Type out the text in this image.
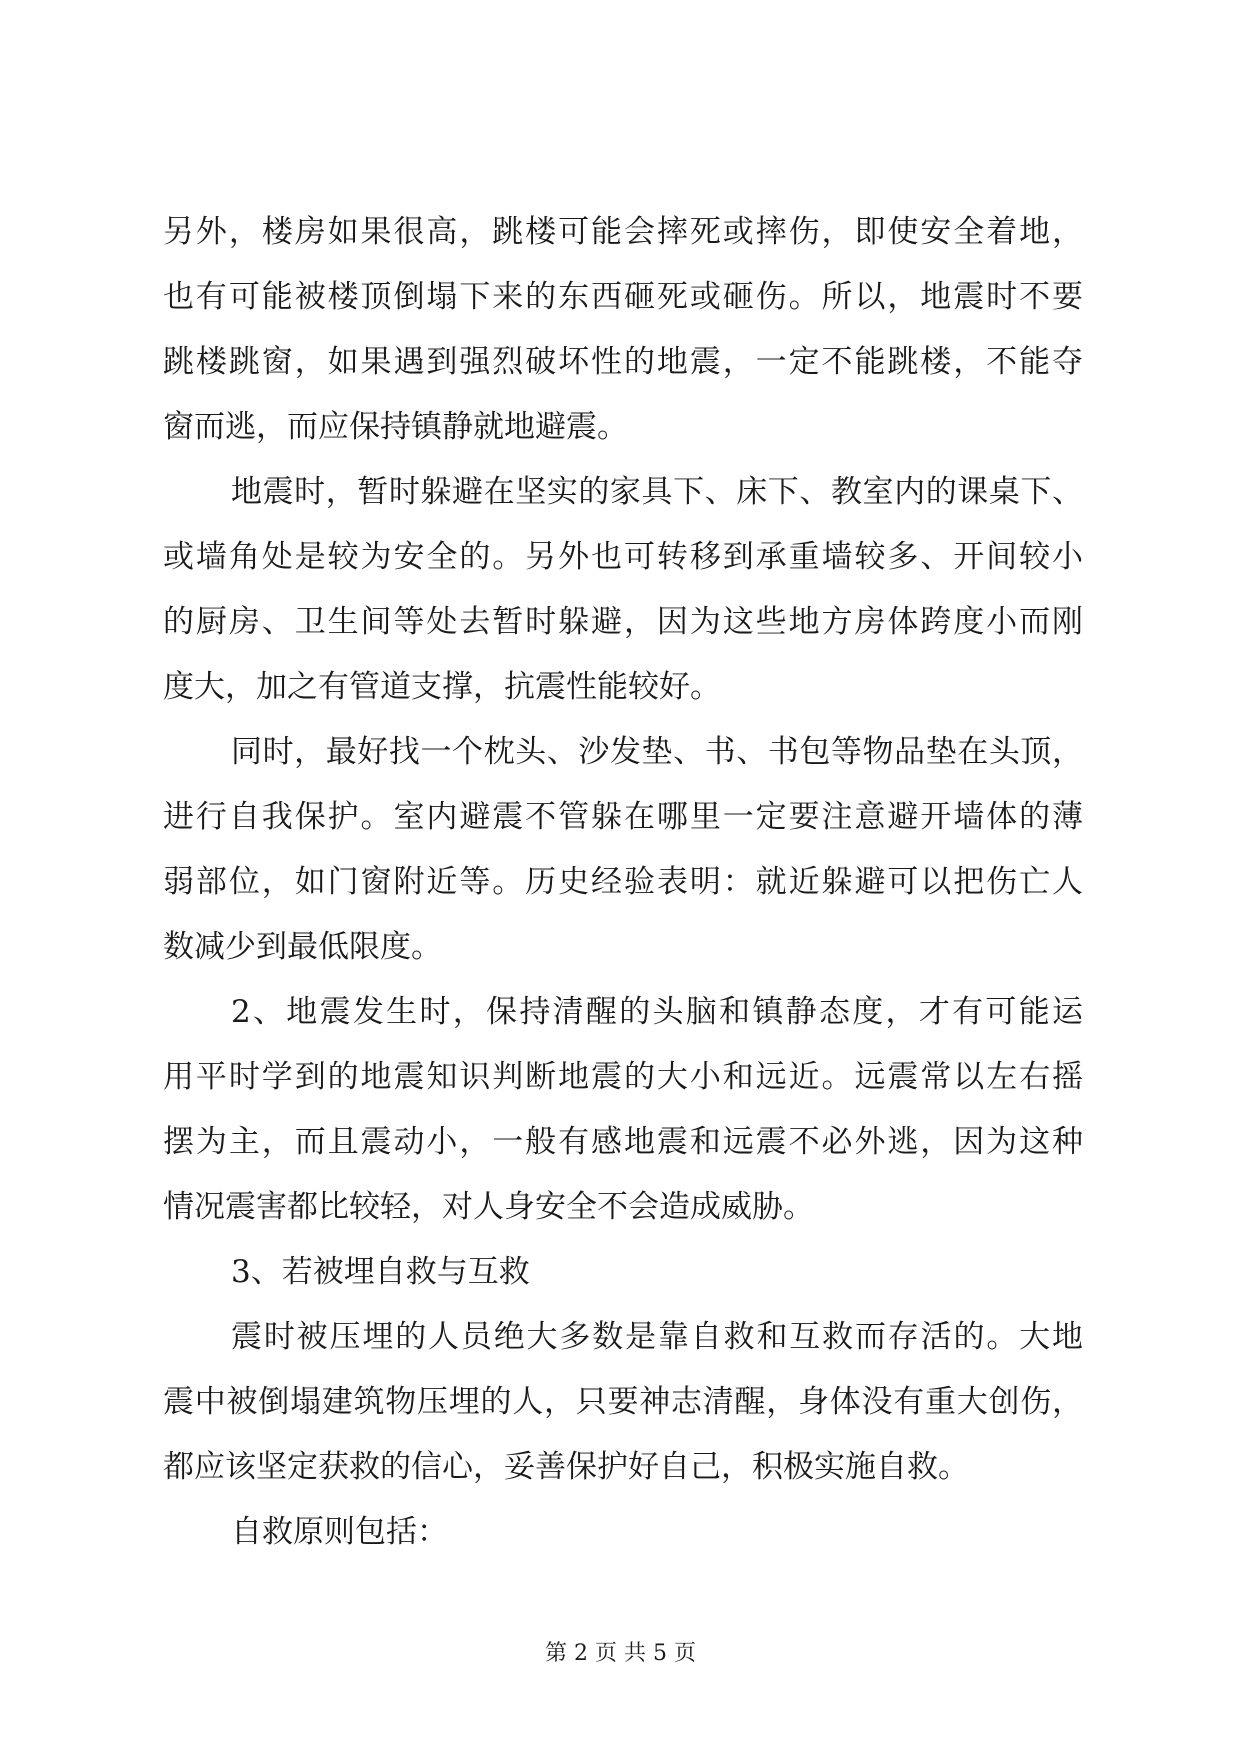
另外，楼房如果很高，跳楼可能会摔死或摔伤，即使安全着地，
也有可能被楼顶倒塌下来的东西砸死或砸伤。所以，地震时不要
跳楼跳窗，如果遇到强烈破坏性的地震，一定不能跳楼，不能夺
窗而逃，而应保持镇静就地避震。
地震时，暂时躲避在坚实的家具下、床下、教室内的课桌下、
或墙角处是较为安全的。另外也可转移到承重墙较多、开间较小
的厨房、卫生间等处去暂时躲避，因为这些地方房体跨度小而刚
度大，加之有管道支撑，抗震性能较好。
同时，最好找一个枕头、沙发垫、书、书包等物品垫在头顶，
进行自我保护。室内避震不管躲在哪里一定要注意避开墙体的薄
弱部位，如门窗附近等。历史经验表明：就近躲避可以把伤亡人
数减少到最低限度。
2、地震发生时，保持清醒的头脑和镇静态度，才有可能运
用平时学到的地震知识判断地震的大小和远近。远震常以左右摇
摆为主，而且震动小，一般有感地震和远震不必外逃，因为这种
情况震害都比较轻，对人身安全不会造成威胁。
3、若被埋自救与互救
震时被压埋的人员绝大多数是靠自救和互救而存活的。大地
震中被倒塌建筑物压埋的人，只要神志清醒，身体没有重大创伤，
都应该坚定获救的信心，妥善保护好自己，积极实施自救。
自救原则包括：
第 2 页 共 5 页
